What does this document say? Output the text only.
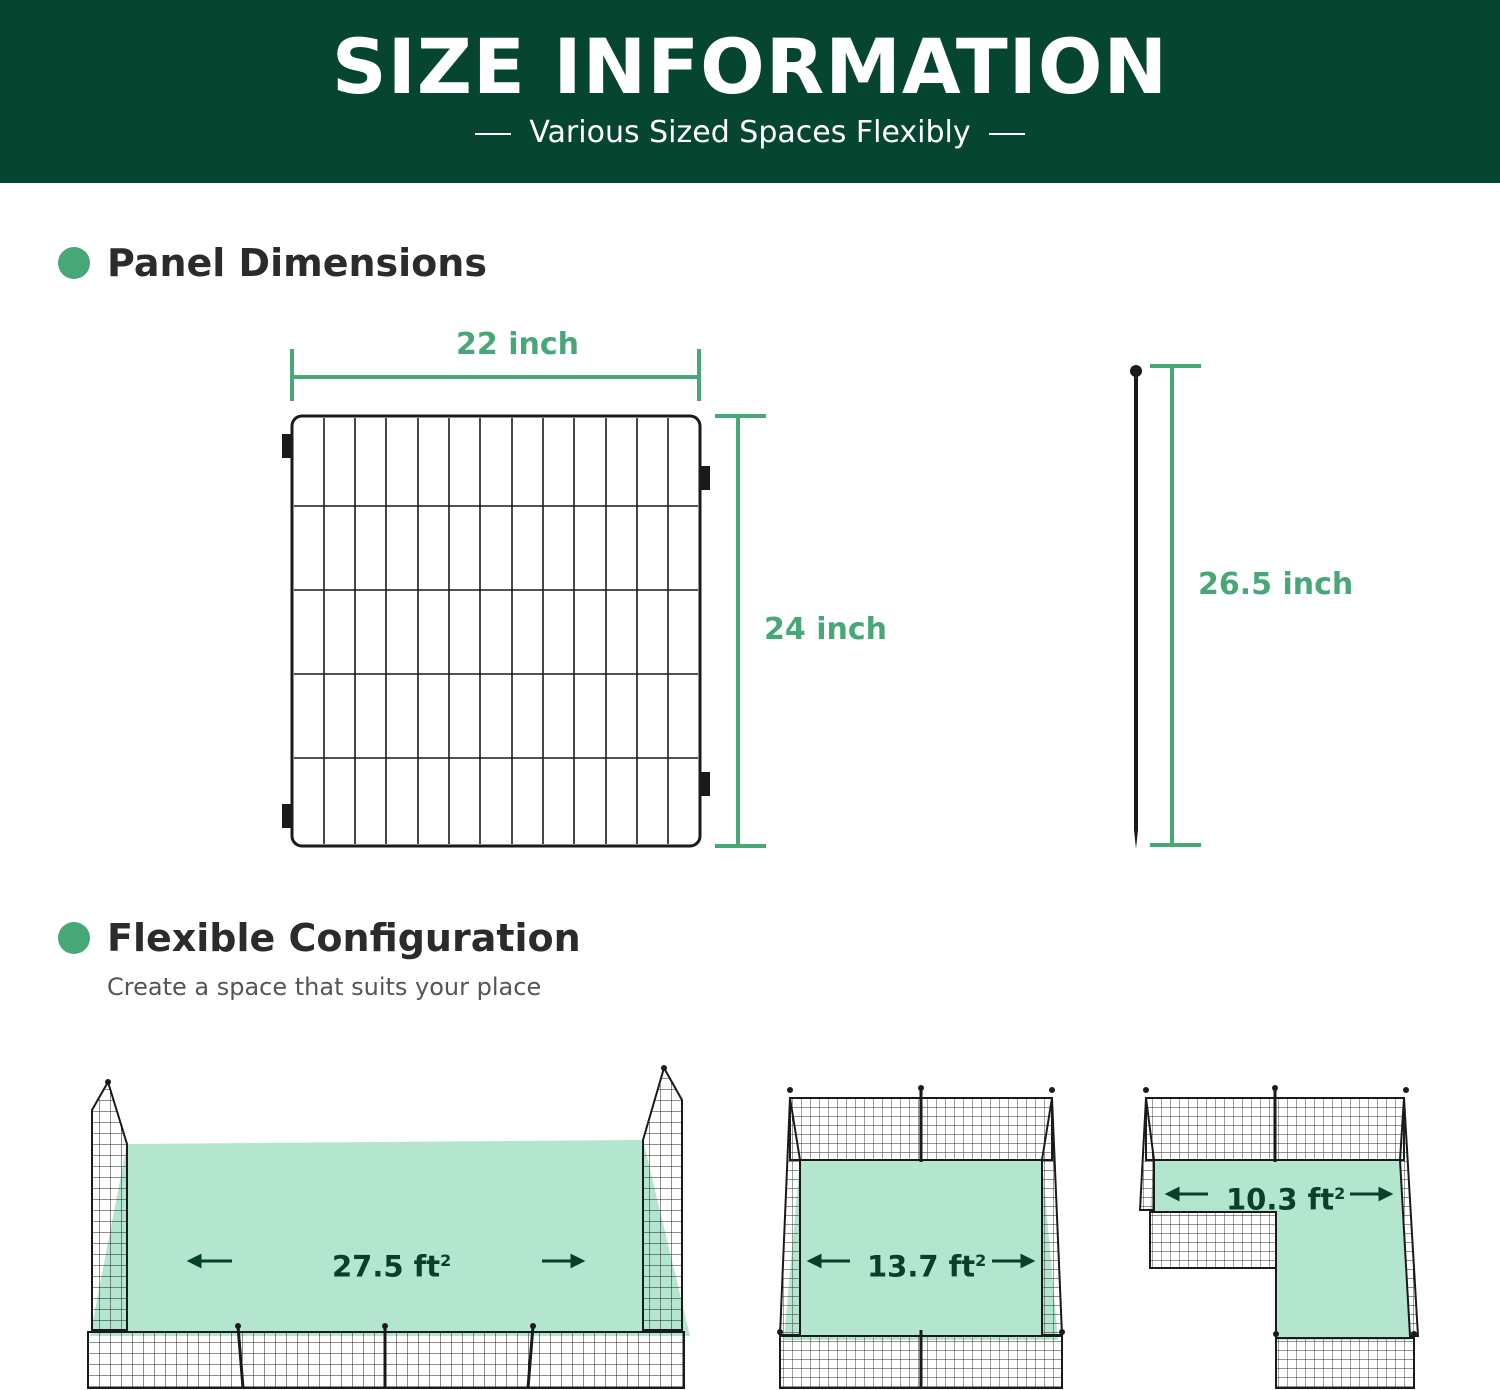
SIZE INFORMATION
Various Sized Spaces Flexibly
Panel Dimensions
22 inch
24 inch
26.5 inch
Flexible Configuration
Create a space that suits your place
27.5 $ft^2$	13.7 $ft^2$
10.3 $ft^2$
